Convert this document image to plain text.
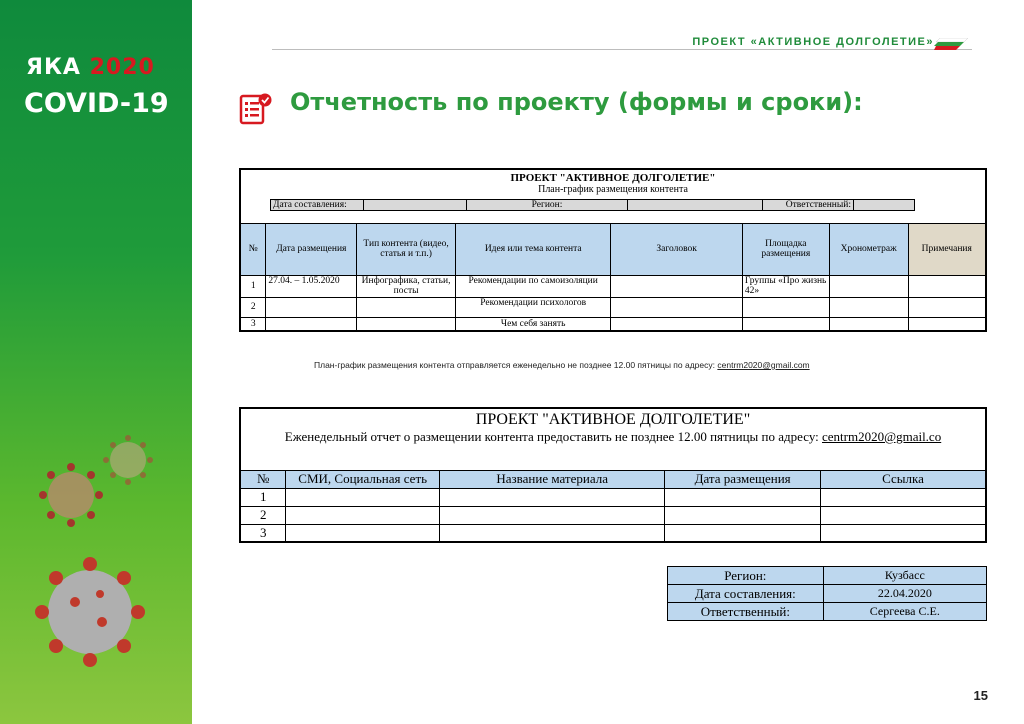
ЯКА 2020
COVID-19
ПРОЕКТ «АКТИВНОЕ ДОЛГОЛЕТИЕ»
Отчетность по проекту (формы и сроки):
ПРОЕКТ "АКТИВНОЕ ДОЛГОЛЕТИЕ"
План-график размещения контента

Дата составления:		Регион:		Ответственный:	

№	Дата размещения	Тип контента (видео, статья и т.п.)	Идея или тема контента	Заголовок	Площадка размещения	Хронометраж	Примечания
1	27.04. – 1.05.2020	Инфографика, статьи, посты	Рекомендации по самоизоляции		Группы «Про жизнь 42»		
2			Рекомендации психологов				
3			Чем себя занять				
План-график размещения контента отправляется еженедельно не позднее 12.00 пятницы по адресу: centrm2020@gmail.com
ПРОЕКТ "АКТИВНОЕ ДОЛГОЛЕТИЕ"
Еженедельный отчет о размещении контента предоставить не позднее 12.00 пятницы по адресу: centrm2020@gmail.co				

№	СМИ, Социальная сеть	Название материала	Дата размещения	Ссылка
1				
2				
3				
Регион:	Кузбасс
Дата составления:	22.04.2020
Ответственный:	Сергеева С.Е.
15
